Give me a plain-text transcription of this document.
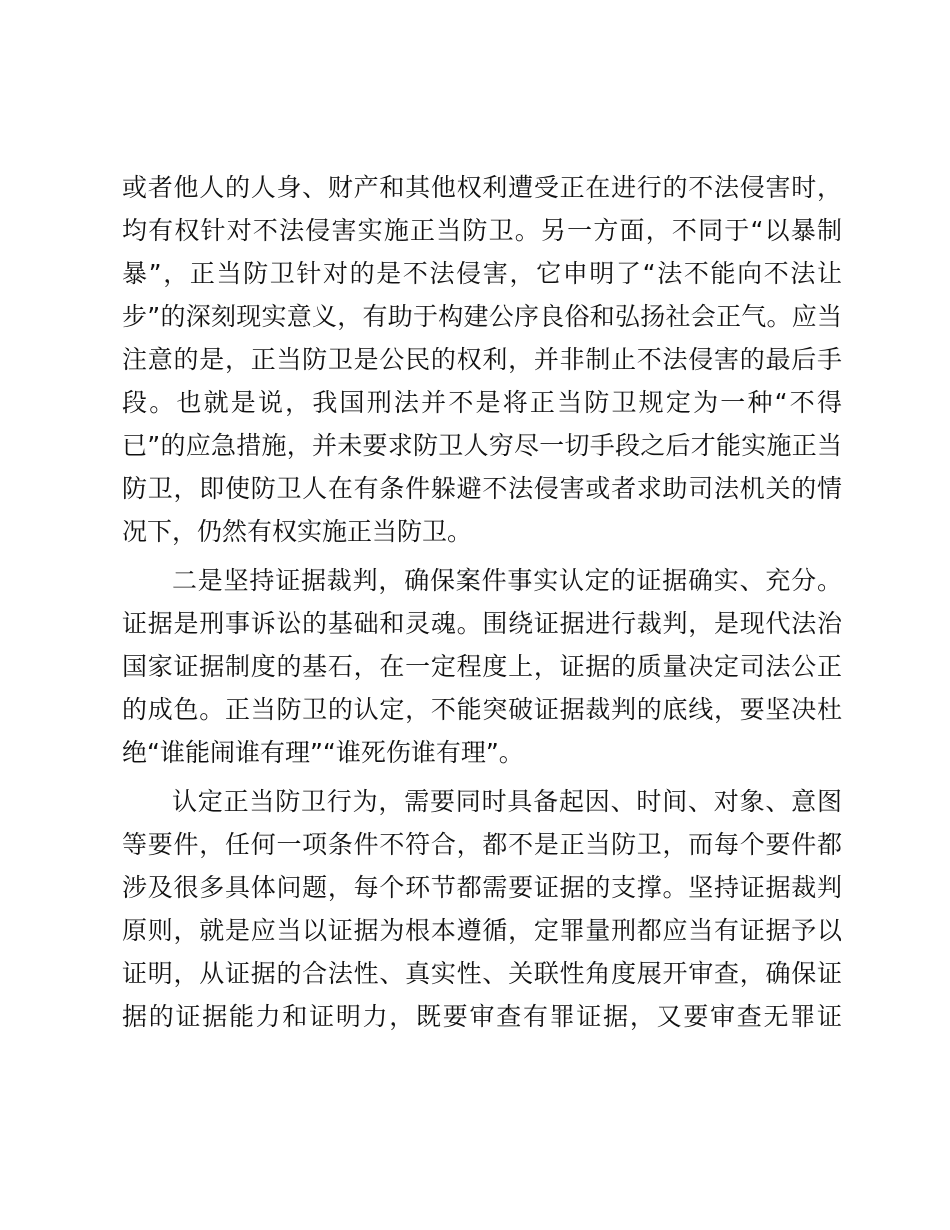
或者他人的人身、财产和其他权利遭受正在进行的不法侵害时，
均有权针对不法侵害实施正当防卫。另一方面，不同于“以暴制
暴”，正当防卫针对的是不法侵害，它申明了“法不能向不法让
步”的深刻现实意义，有助于构建公序良俗和弘扬社会正气。应当
注意的是，正当防卫是公民的权利，并非制止不法侵害的最后手
段。也就是说，我国刑法并不是将正当防卫规定为一种“不得
已”的应急措施，并未要求防卫人穷尽一切手段之后才能实施正当
防卫，即使防卫人在有条件躲避不法侵害或者求助司法机关的情
况下，仍然有权实施正当防卫。
二是坚持证据裁判，确保案件事实认定的证据确实、充分。
证据是刑事诉讼的基础和灵魂。围绕证据进行裁判，是现代法治
国家证据制度的基石，在一定程度上，证据的质量决定司法公正
的成色。正当防卫的认定，不能突破证据裁判的底线，要坚决杜
绝“谁能闹谁有理”“谁死伤谁有理”。
认定正当防卫行为，需要同时具备起因、时间、对象、意图
等要件，任何一项条件不符合，都不是正当防卫，而每个要件都
涉及很多具体问题，每个环节都需要证据的支撑。坚持证据裁判
原则，就是应当以证据为根本遵循，定罪量刑都应当有证据予以
证明，从证据的合法性、真实性、关联性角度展开审查，确保证
据的证据能力和证明力，既要审查有罪证据，又要审查无罪证
